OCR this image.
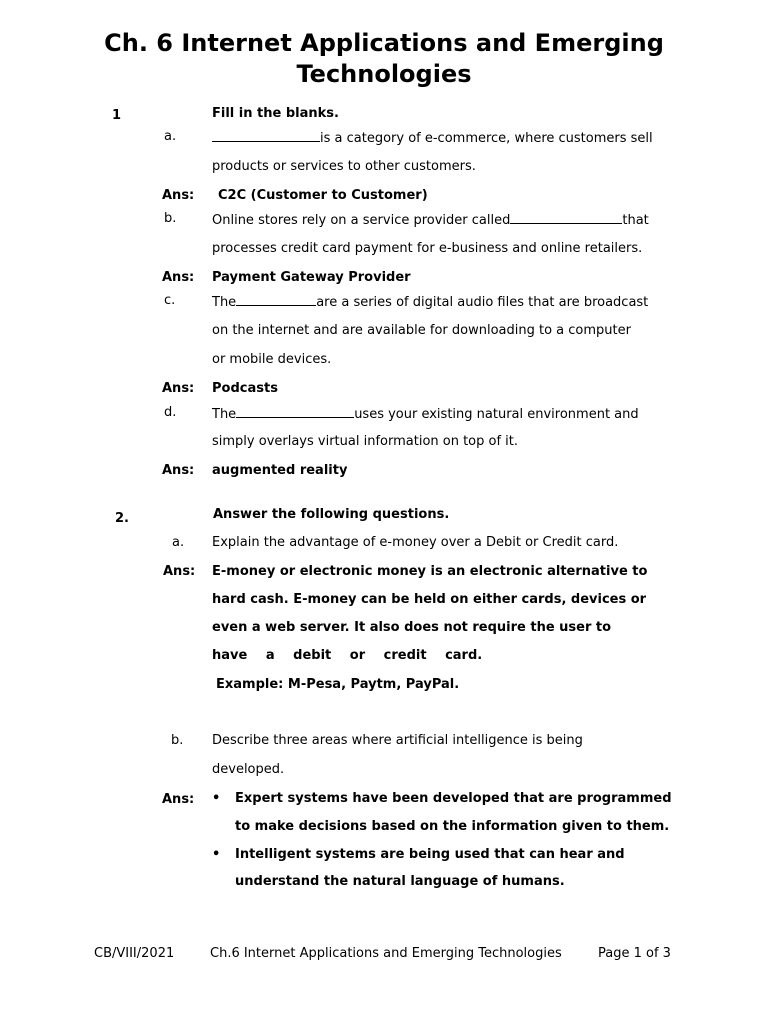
Ch. 6 Internet Applications and Emerging
Technologies
1	Fill in the blanks.
a.	is a category of e-commerce, where customers sell
products or services to other customers.
Ans: C2C (Customer to Customer)
b.	Online stores rely on a service provider called	that
processes credit card payment for e-business and online retailers.
Ans: Payment Gateway Provider
c.	The	are a series of digital audio files that are broadcast
on the internet and are available for downloading to a computer
or mobile devices.
Ans: Podcasts
d.	The	uses your existing natural environment and
simply overlays virtual information on top of it.
Ans: augmented reality
2.	Answer the following questions.
a. Explain the advantage of e-money over a Debit or Credit card.
Ans: E-money or electronic money is an electronic alternative to
hard cash. E-money can be held on either cards, devices or
even a web server. It also does not require the user to
have a debit or credit card.
Example: M-Pesa, Paytm, PayPal.
b. Describe three areas where artificial intelligence is being
developed.
Ans: • Expert systems have been developed that are programmed
to make decisions based on the information given to them.
• Intelligent systems are being used that can hear and
understand the natural language of humans.
CB/VIII/2021	Ch.6 Internet Applications and Emerging Technologies	Page 1 of 3
